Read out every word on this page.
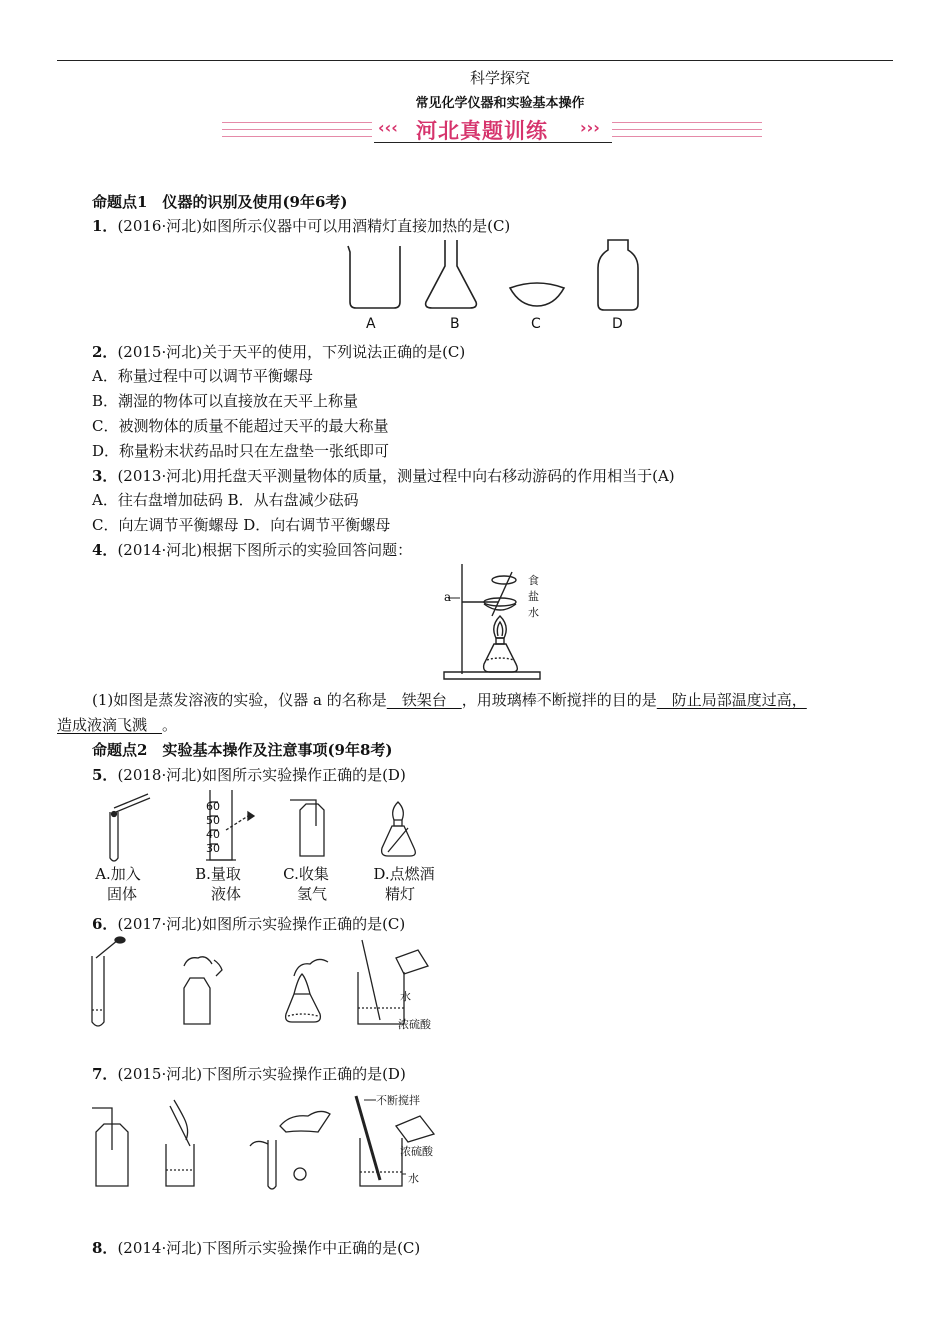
科学探究
常见化学仪器和实验基本操作
‹‹‹ 河北真题训练 ›››
命题点1　仪器的识别及使用(9年6考)
1．(2016·河北)如图所示仪器中可以用酒精灯直接加热的是(C)
A	B	C	D
2．(2015·河北)关于天平的使用，下列说法正确的是(C)
A．称量过程中可以调节平衡螺母
B．潮湿的物体可以直接放在天平上称量
C．被测物体的质量不能超过天平的最大称量
D．称量粉末状药品时只在左盘垫一张纸即可
3．(2013·河北)用托盘天平测量物体的质量，测量过程中向右移动游码的作用相当于(A)
A．往右盘增加砝码 B．从右盘减少砝码
C．向左调节平衡螺母 D．向右调节平衡螺母
4．(2014·河北)根据下图所示的实验回答问题：
a
食
盐
水
(1)如图是蒸发溶液的实验，仪器 a 的名称是　铁架台　，用玻璃棒不断搅拌的目的是　防止局部温度过高，
造成液滴飞溅　。
命题点2　实验基本操作及注意事项(9年8考)
5．(2018·河北)如图所示实验操作正确的是(D)
60
50
40
30
A.加入
固体
B.量取
液体
C.收集
氢气
D.点燃酒
精灯
6．(2017·河北)如图所示实验操作正确的是(C)
水
浓硫酸
7．(2015·河北)下图所示实验操作正确的是(D)
不断搅拌
浓硫酸
水
8．(2014·河北)下图所示实验操作中正确的是(C)
